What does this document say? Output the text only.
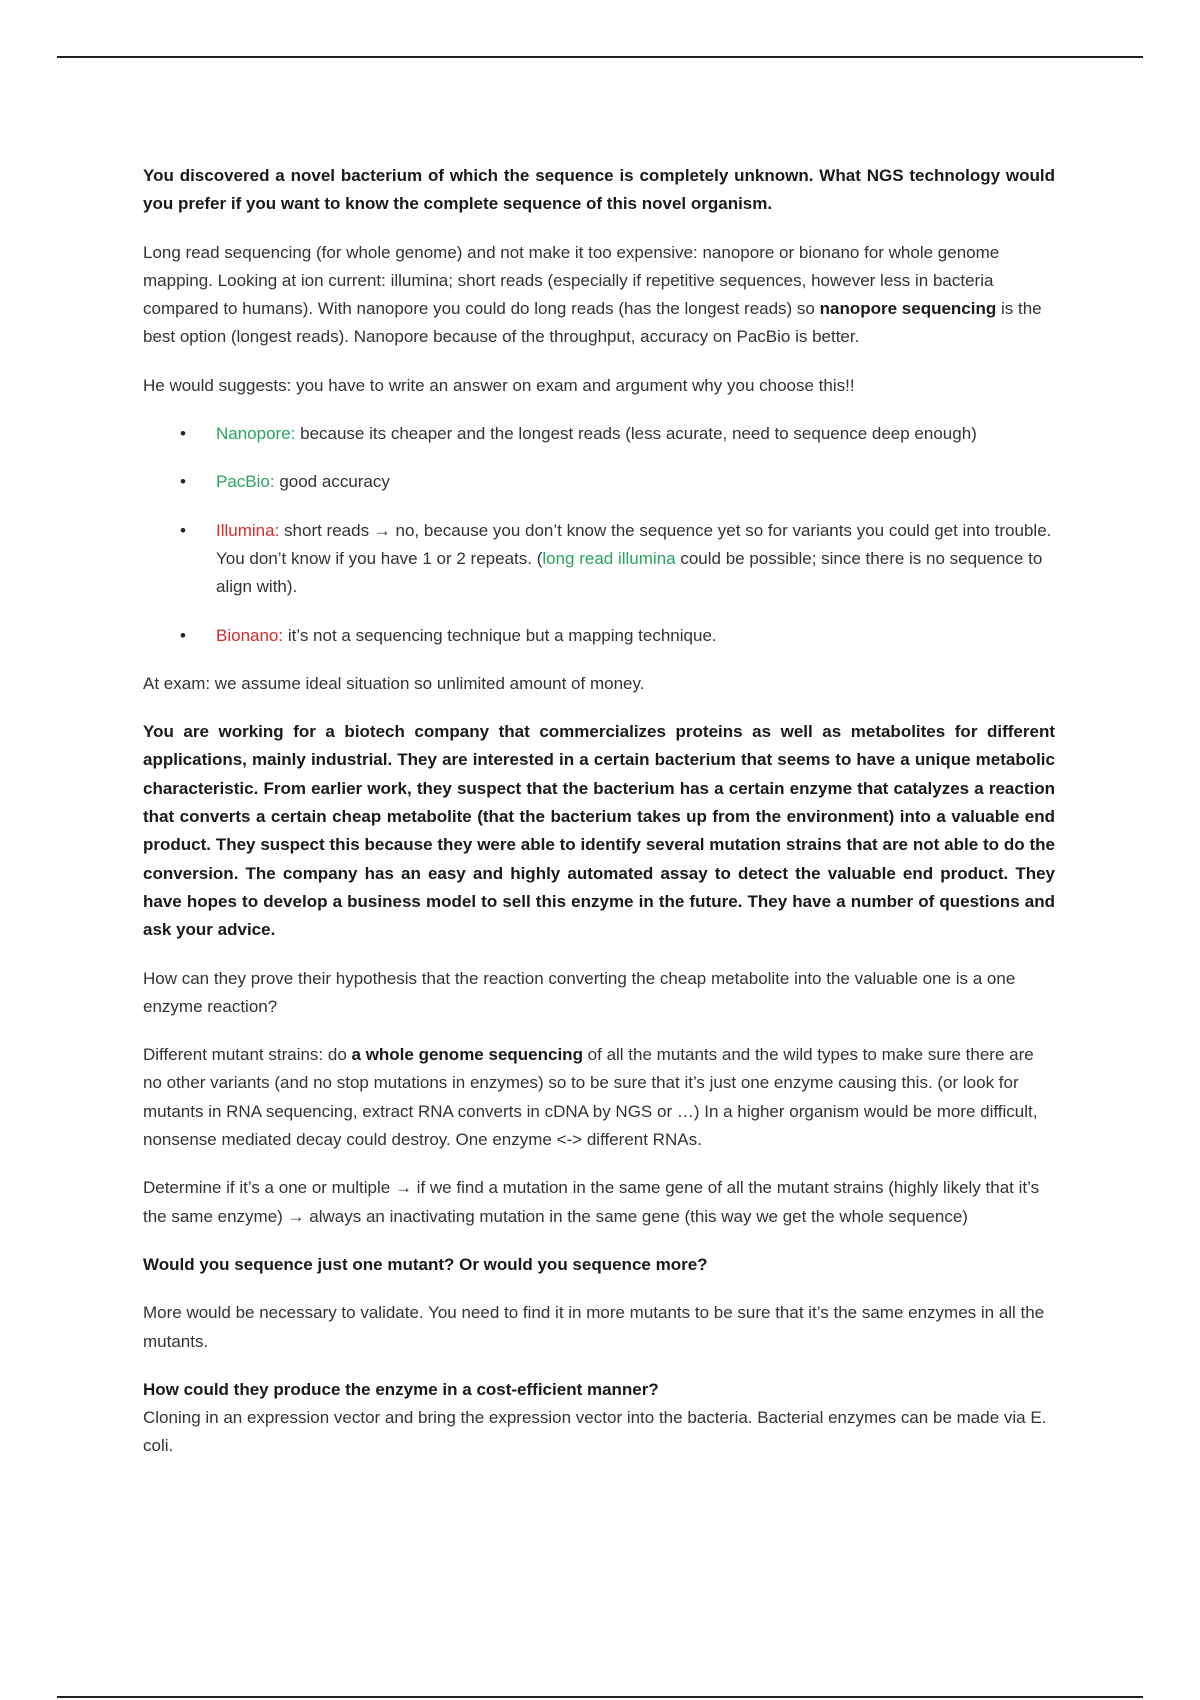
You discovered a novel bacterium of which the sequence is completely unknown. What NGS technology would you prefer if you want to know the complete sequence of this novel organism.

Long read sequencing (for whole genome) and not make it too expensive: nanopore or bionano for whole genome mapping. Looking at ion current: illumina; short reads (especially if repetitive sequences, however less in bacteria compared to humans). With nanopore you could do long reads (has the longest reads) so nanopore sequencing is the best option (longest reads). Nanopore because of the throughput, accuracy on PacBio is better.

He would suggests: you have to write an answer on exam and argument why you choose this!!

• Nanopore: because its cheaper and the longest reads (less acurate, need to sequence deep enough)
• PacBio: good accuracy
• Illumina: short reads → no, because you don’t know the sequence yet so for variants you could get into trouble. You don’t know if you have 1 or 2 repeats. (long read illumina could be possible; since there is no sequence to align with).
• Bionano: it’s not a sequencing technique but a mapping technique.

At exam: we assume ideal situation so unlimited amount of money.

You are working for a biotech company that commercializes proteins as well as metabolites for different applications, mainly industrial. They are interested in a certain bacterium that seems to have a unique metabolic characteristic. From earlier work, they suspect that the bacterium has a certain enzyme that catalyzes a reaction that converts a certain cheap metabolite (that the bacterium takes up from the environment) into a valuable end product. They suspect this because they were able to identify several mutation strains that are not able to do the conversion. The company has an easy and highly automated assay to detect the valuable end product. They have hopes to develop a business model to sell this enzyme in the future. They have a number of questions and ask your advice.

How can they prove their hypothesis that the reaction converting the cheap metabolite into the valuable one is a one enzyme reaction?

Different mutant strains: do a whole genome sequencing of all the mutants and the wild types to make sure there are no other variants (and no stop mutations in enzymes) so to be sure that it’s just one enzyme causing this. (or look for mutants in RNA sequencing, extract RNA converts in cDNA by NGS or …) In a higher organism would be more difficult, nonsense mediated decay could destroy. One enzyme <-> different RNAs.

Determine if it’s a one or multiple → if we find a mutation in the same gene of all the mutant strains (highly likely that it’s the same enzyme) → always an inactivating mutation in the same gene (this way we get the whole sequence)

Would you sequence just one mutant? Or would you sequence more?

More would be necessary to validate. You need to find it in more mutants to be sure that it’s the same enzymes in all the mutants.

How could they produce the enzyme in a cost-efficient manner?

Cloning in an expression vector and bring the expression vector into the bacteria. Bacterial enzymes can be made via E. coli.
